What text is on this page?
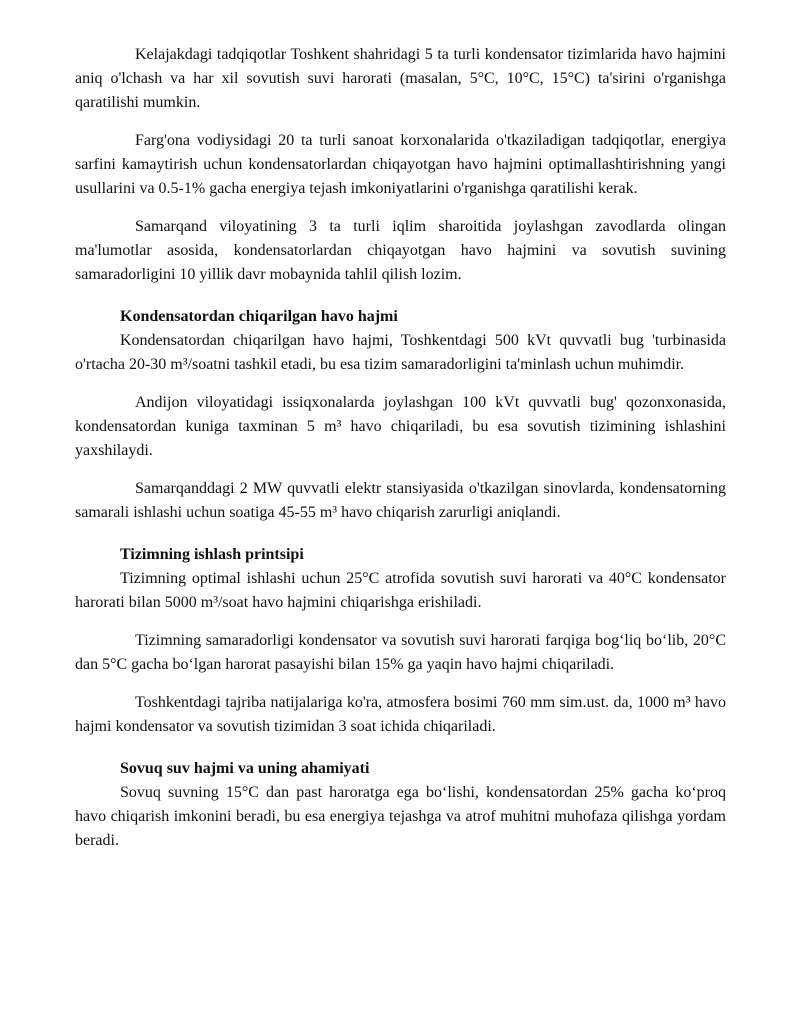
Kelajakdagi tadqiqotlar Toshkent shahridagi 5 ta turli kondensator tizimlarida havo hajmini aniq o'lchash va har xil sovutish suvi harorati (masalan, 5°C, 10°C, 15°C) ta'sirini o'rganishga qaratilishi mumkin.

Farg'ona vodiysidagi 20 ta turli sanoat korxonalarida o'tkaziladigan tadqiqotlar, energiya sarfini kamaytirish uchun kondensatorlardan chiqayotgan havo hajmini optimallashtirishning yangi usullarini va 0.5-1% gacha energiya tejash imkoniyatlarini o'rganishga qaratilishi kerak.

Samarqand viloyatining 3 ta turli iqlim sharoitida joylashgan zavodlarda olingan ma'lumotlar asosida, kondensatorlardan chiqayotgan havo hajmini va sovutish suvining samaradorligini 10 yillik davr mobaynida tahlil qilish lozim.

Kondensatordan chiqarilgan havo hajmi

Kondensatordan chiqarilgan havo hajmi, Toshkentdagi 500 kVt quvvatli bug 'turbinasida o'rtacha 20-30 m³/soatni tashkil etadi, bu esa tizim samaradorligini ta'minlash uchun muhimdir.

Andijon viloyatidagi issiqxonalarda joylashgan 100 kVt quvvatli bug' qozonxonasida, kondensatordan kuniga taxminan 5 m³ havo chiqariladi, bu esa sovutish tizimining ishlashini yaxshilaydi.

Samarqanddagi 2 MW quvvatli elektr stansiyasida o'tkazilgan sinovlarda, kondensatorning samarali ishlashi uchun soatiga 45-55 m³ havo chiqarish zarurligi aniqlandi.

Tizimning ishlash printsipi

Tizimning optimal ishlashi uchun 25°C atrofida sovutish suvi harorati va 40°C kondensator harorati bilan 5000 m³/soat havo hajmini chiqarishga erishiladi.

Tizimning samaradorligi kondensator va sovutish suvi harorati farqiga bog‘liq bo‘lib, 20°C dan 5°C gacha bo‘lgan harorat pasayishi bilan 15% ga yaqin havo hajmi chiqariladi.

Toshkentdagi tajriba natijalariga ko'ra, atmosfera bosimi 760 mm sim.ust. da, 1000 m³ havo hajmi kondensator va sovutish tizimidan 3 soat ichida chiqariladi.

Sovuq suv hajmi va uning ahamiyati

Sovuq suvning 15°C dan past haroratga ega bo‘lishi, kondensatordan 25% gacha ko‘proq havo chiqarish imkonini beradi, bu esa energiya tejashga va atrof muhitni muhofaza qilishga yordam beradi.
